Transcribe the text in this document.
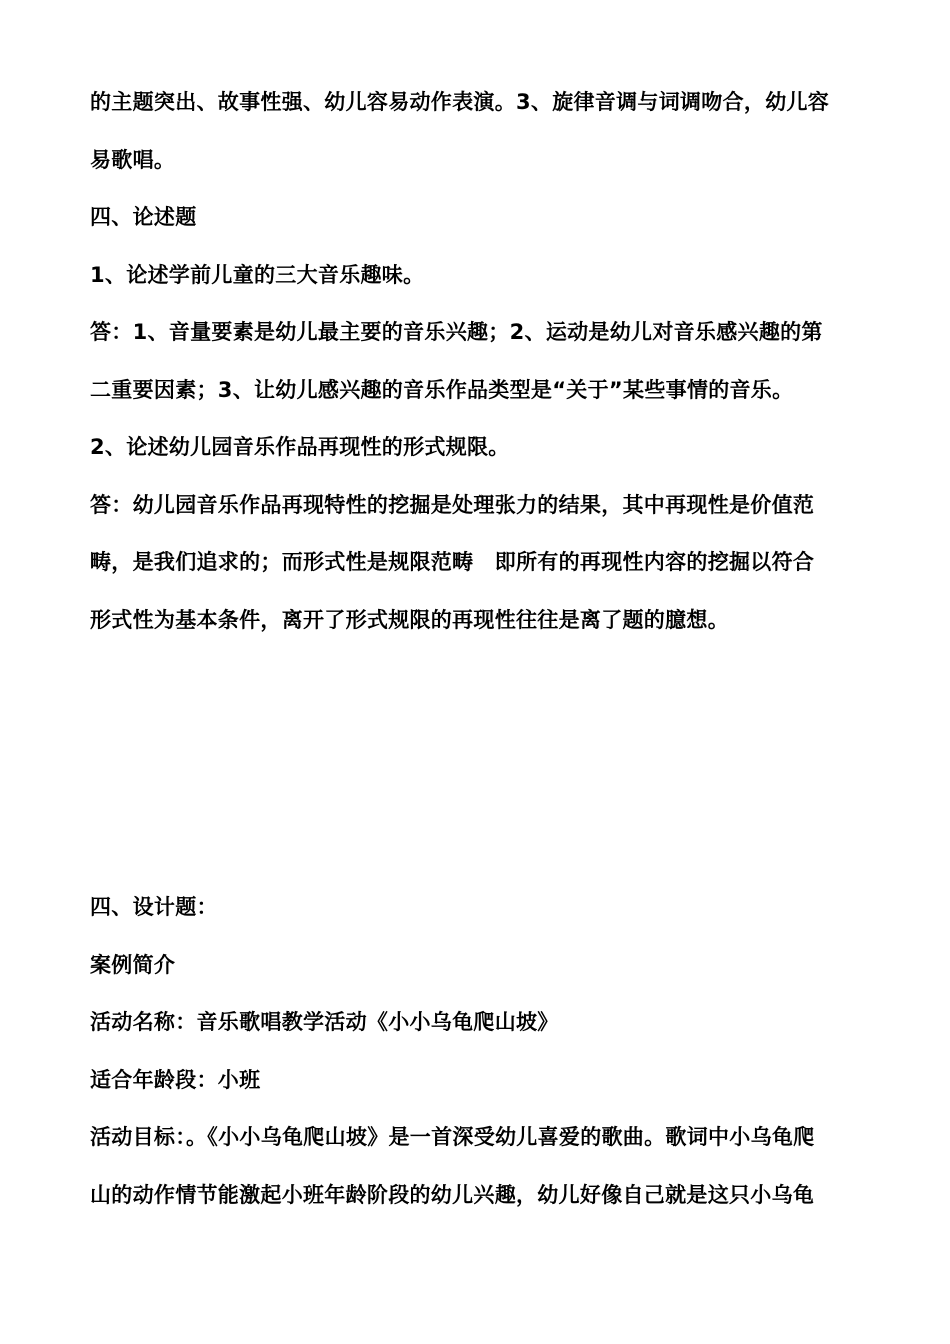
的主题突出、故事性强、幼儿容易动作表演。3、旋律音调与词调吻合，幼儿容
易歌唱。
四、论述题
1、论述学前儿童的三大音乐趣味。
答：1、音量要素是幼儿最主要的音乐兴趣；2、运动是幼儿对音乐感兴趣的第
二重要因素；3、让幼儿感兴趣的音乐作品类型是“关于”某些事情的音乐。
2、论述幼儿园音乐作品再现性的形式规限。
答：幼儿园音乐作品再现特性的挖掘是处理张力的结果，其中再现性是价值范
畴，是我们追求的；而形式性是规限范畴　即所有的再现性内容的挖掘以符合
形式性为基本条件，离开了形式规限的再现性往往是离了题的臆想。
四、设计题：
案例简介
活动名称：音乐歌唱教学活动《小小乌龟爬山坡》
适合年龄段：小班
活动目标：。《小小乌龟爬山坡》是一首深受幼儿喜爱的歌曲。歌词中小乌龟爬
山的动作情节能激起小班年龄阶段的幼儿兴趣，幼儿好像自己就是这只小乌龟
